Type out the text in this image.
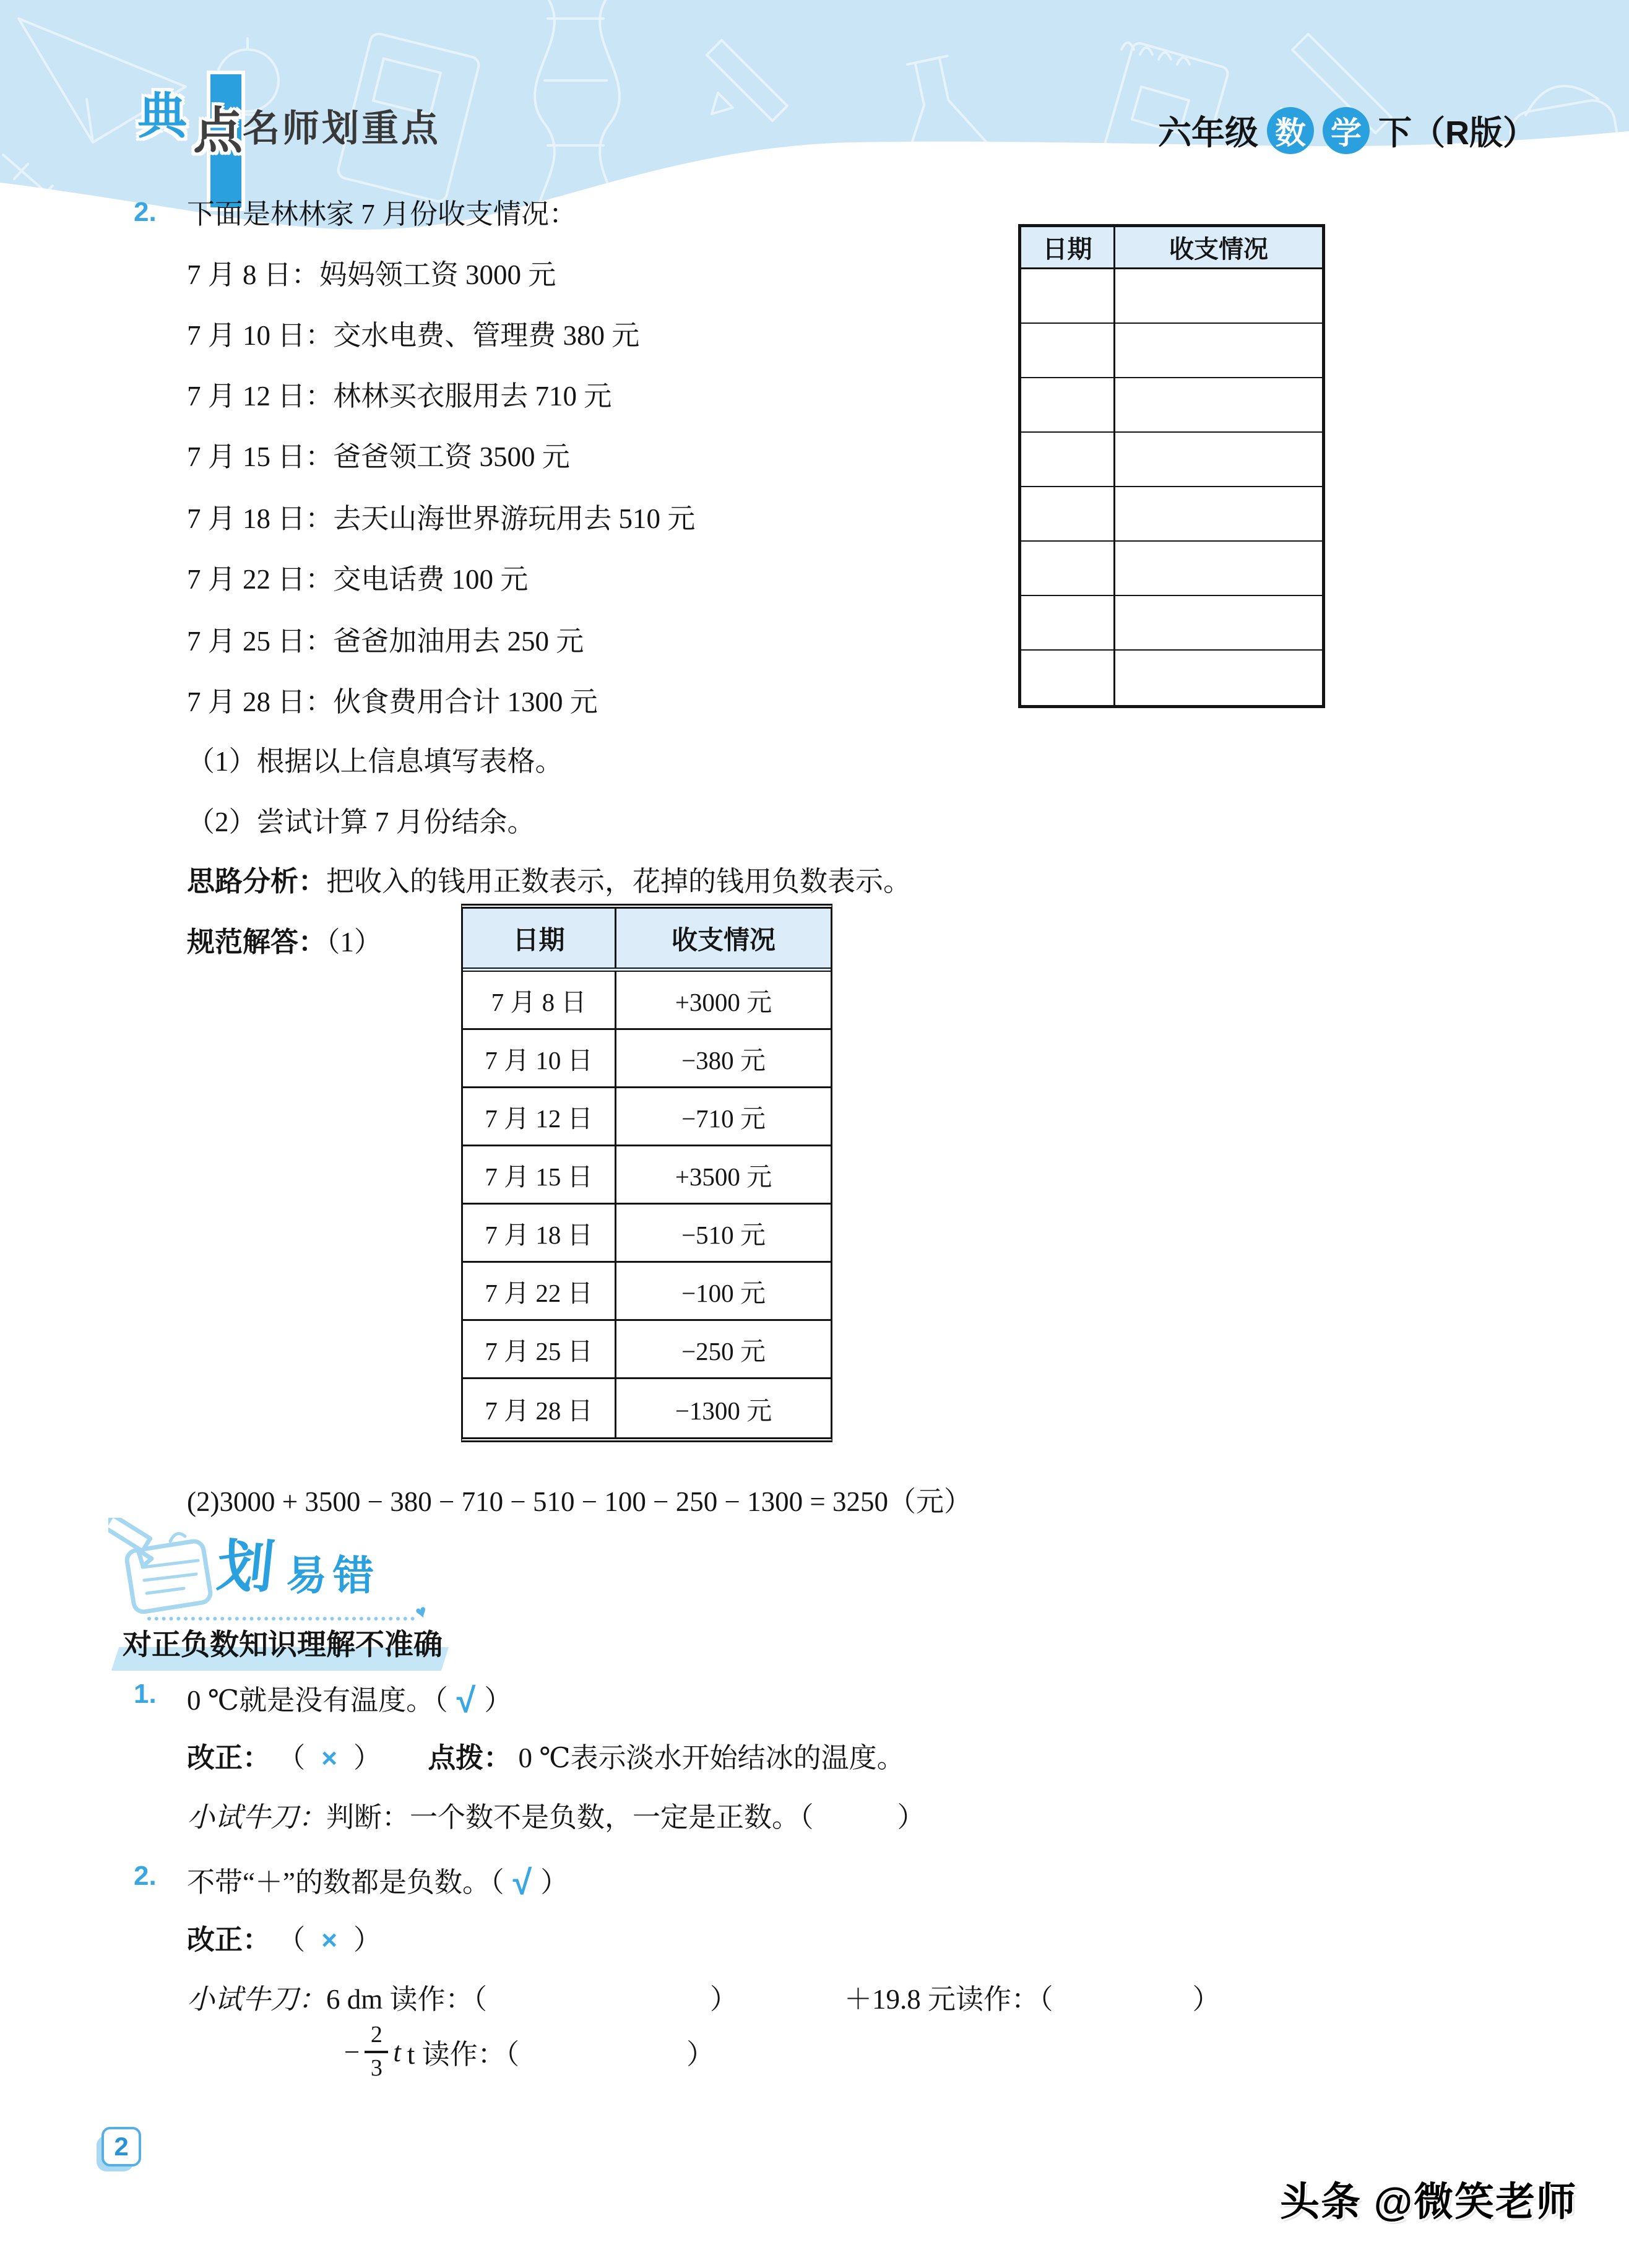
典 点 名师划重点	六年级 数 学 下（R版）
2. 下面是林林家 7 月份收支情况：
7 月 8 日：妈妈领工资 3000 元
7 月 10 日：交水电费、管理费 380 元
7 月 12 日：林林买衣服用去 710 元
7 月 15 日：爸爸领工资 3500 元
7 月 18 日：去天山海世界游玩用去 510 元
7 月 22 日：交电话费 100 元
7 月 25 日：爸爸加油用去 250 元
7 月 28 日：伙食费用合计 1300 元
（1）根据以上信息填写表格。
（2）尝试计算 7 月份结余。
思路分析：把收入的钱用正数表示，花掉的钱用负数表示。
规范解答：（1）
日期	收支情况
日期	收支情况
7 月 8 日	+3000 元
7 月 10 日	−380 元
7 月 12 日	−710 元
7 月 15 日	+3500 元
7 月 18 日	−510 元
7 月 22 日	−100 元
7 月 25 日	−250 元
7 月 28 日	−1300 元
(2)3000 + 3500 − 380 − 710 − 510 − 100 − 250 − 1300 = 3250（元）
划 易错
♥
对正负数知识理解不准确
1. 0 ℃就是没有温度。（ √ ）
改正： （ × ） 点拨： 0 ℃表示淡水开始结冰的温度。
小试牛刀：判断：一个数不是负数，一定是正数。（　　　）
2. 不带“＋”的数都是负数。（ √ ）
改正： （ × ）
小试牛刀：6 dm 读作：（　　　　　　　　）	＋19.8 元读作：（　　　　　）
− $\frac{2}{3}$ t t 读作：（　　　　　　）
2
头条 @微笑老师
